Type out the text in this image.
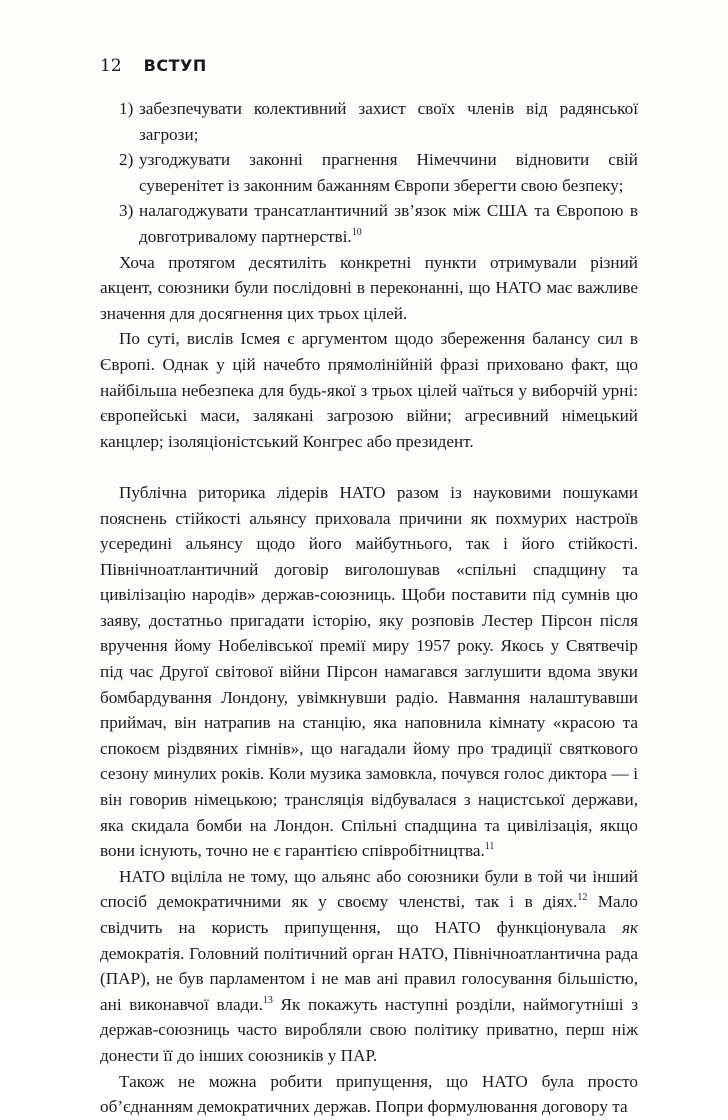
12 ВСТУП
1) забезпечувати колективний захист своїх членів від радянської загрози;
2) узгоджувати законні прагнення Німеччини відновити свій суверенітет із законним бажанням Європи зберегти свою безпеку;
3) налагоджувати трансатлантичний зв’язок між США та Європою в довготривалому партнерстві.$^{10}$

Хоча протягом десятиліть конкретні пункти отримували різний акцент, союзники були послідовні в переконанні, що НАТО має важливе значення для досягнення цих трьох цілей.

По суті, вислів Ісмея є аргументом щодо збереження балансу сил в Європі. Однак у цій начебто прямолінійній фразі приховано факт, що найбільша небезпека для будь-якої з трьох цілей чаїться у виборчій урні: європейські маси, залякані загрозою війни; агресивний німецький канцлер; ізоляціоністський Конгрес або президент.

Публічна риторика лідерів НАТО разом із науковими пошуками пояснень стійкості альянсу приховала причини як похмурих настроїв усередині альянсу щодо його майбутнього, так і його стійкості. Північноатлантичний договір виголошував «спільні спадщину та цивілізацію народів» держав-союзниць. Щоби поставити під сумнів цю заяву, достатньо пригадати історію, яку розповів Лестер Пірсон після вручення йому Нобелівської премії миру 1957 року. Якось у Святвечір під час Другої світової війни Пірсон намагався заглушити вдома звуки бомбардування Лондону, увімкнувши радіо. Навмання налаштувавши приймач, він натрапив на станцію, яка наповнила кімнату «красою та спокоєм різдвяних гімнів», що нагадали йому про традиції святкового сезону минулих років. Коли музика замовкла, почувся голос диктора — і він говорив німецькою; трансляція відбувалася з нацистської держави, яка скидала бомби на Лондон. Спільні спадщина та цивілізація, якщо вони існують, точно не є гарантією співробітництва.$^{11}$

НАТО вціліла не тому, що альянс або союзники були в той чи інший спосіб демократичними як у своєму членстві, так і в діях.$^{12}$ Мало свідчить на користь припущення, що НАТО функціонувала як демократія. Головний політичний орган НАТО, Північноатлантична рада (ПАР), не був парламентом і не мав ані правил голосування більшістю, ані виконавчої влади.$^{13}$ Як покажуть наступні розділи, наймогутніші з держав-союзниць часто виробляли свою політику приватно, перш ніж донести її до інших союзників у ПАР.

Також не можна робити припущення, що НАТО була просто об’єднанням демократичних держав. Попри формулювання договору та
